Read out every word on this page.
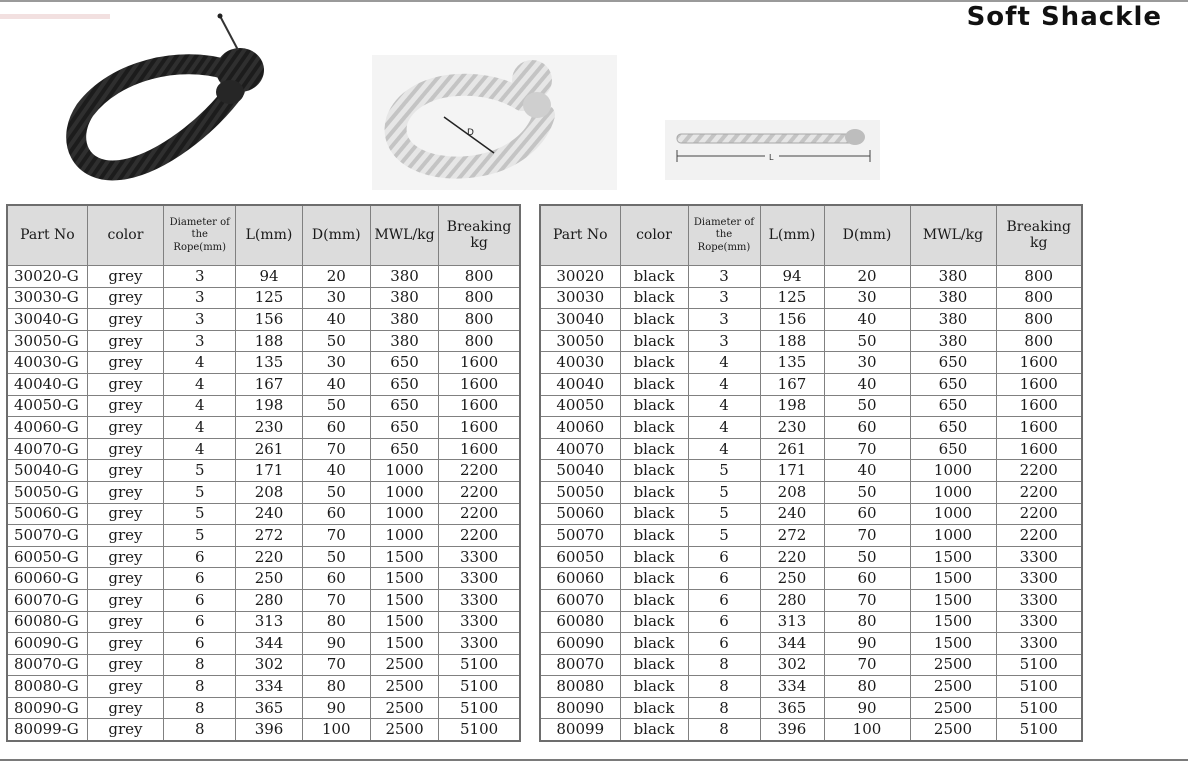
Soft Shackle
D
L
Part No	color	Diameter of the Rope(mm)	L(mm)	D(mm)	MWL/kg	Breaking kg
30020-G	grey	3	94	20	380	800
30030-G	grey	3	125	30	380	800
30040-G	grey	3	156	40	380	800
30050-G	grey	3	188	50	380	800
40030-G	grey	4	135	30	650	1600
40040-G	grey	4	167	40	650	1600
40050-G	grey	4	198	50	650	1600
40060-G	grey	4	230	60	650	1600
40070-G	grey	4	261	70	650	1600
50040-G	grey	5	171	40	1000	2200
50050-G	grey	5	208	50	1000	2200
50060-G	grey	5	240	60	1000	2200
50070-G	grey	5	272	70	1000	2200
60050-G	grey	6	220	50	1500	3300
60060-G	grey	6	250	60	1500	3300
60070-G	grey	6	280	70	1500	3300
60080-G	grey	6	313	80	1500	3300
60090-G	grey	6	344	90	1500	3300
80070-G	grey	8	302	70	2500	5100
80080-G	grey	8	334	80	2500	5100
80090-G	grey	8	365	90	2500	5100
80099-G	grey	8	396	100	2500	5100
Part No	color	Diameter of the Rope(mm)	L(mm)	D(mm)	MWL/kg	Breaking kg
30020	black	3	94	20	380	800
30030	black	3	125	30	380	800
30040	black	3	156	40	380	800
30050	black	3	188	50	380	800
40030	black	4	135	30	650	1600
40040	black	4	167	40	650	1600
40050	black	4	198	50	650	1600
40060	black	4	230	60	650	1600
40070	black	4	261	70	650	1600
50040	black	5	171	40	1000	2200
50050	black	5	208	50	1000	2200
50060	black	5	240	60	1000	2200
50070	black	5	272	70	1000	2200
60050	black	6	220	50	1500	3300
60060	black	6	250	60	1500	3300
60070	black	6	280	70	1500	3300
60080	black	6	313	80	1500	3300
60090	black	6	344	90	1500	3300
80070	black	8	302	70	2500	5100
80080	black	8	334	80	2500	5100
80090	black	8	365	90	2500	5100
80099	black	8	396	100	2500	5100
